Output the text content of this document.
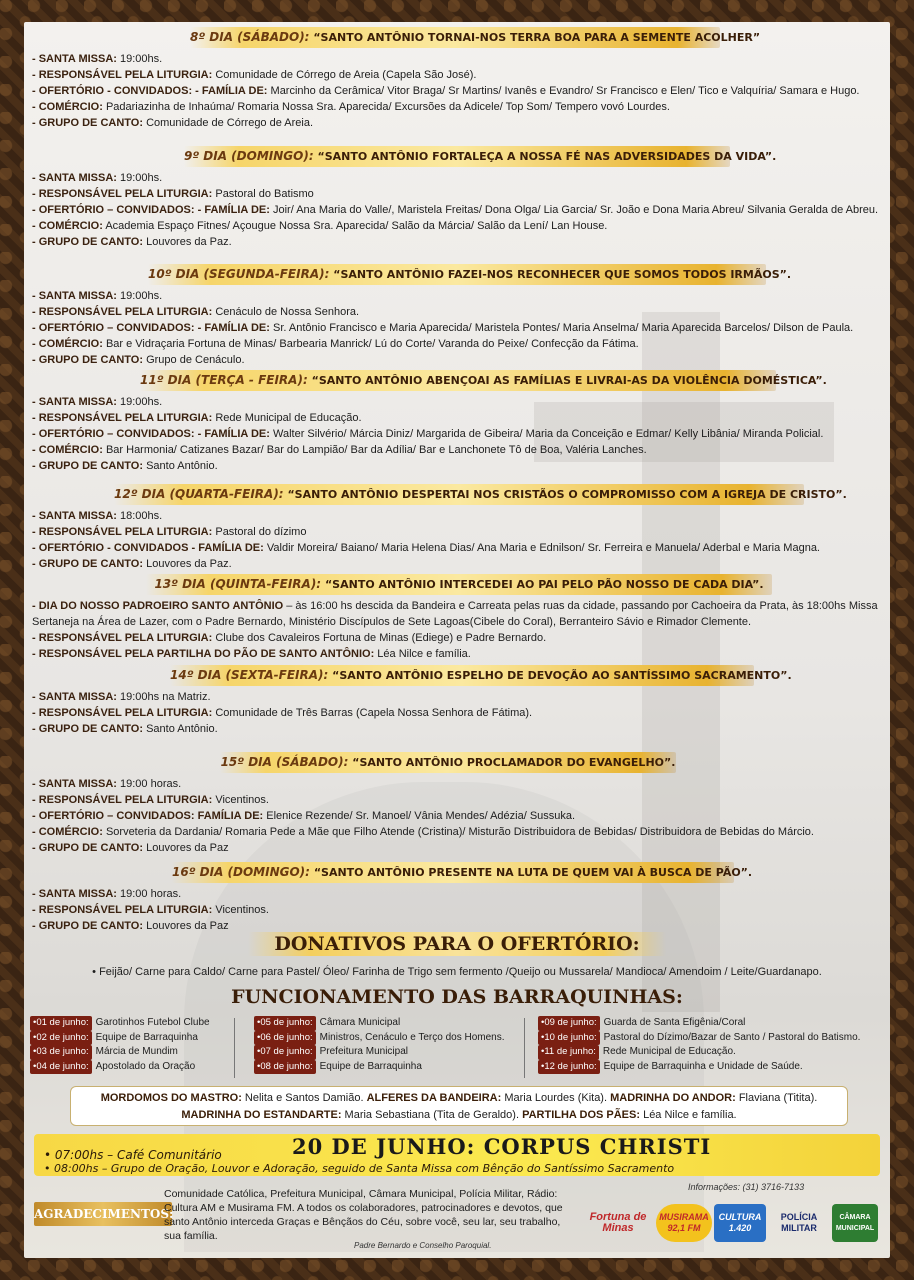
8º DIA (SÁBADO): “SANTO ANTÔNIO TORNAI-NOS TERRA BOA PARA A SEMENTE ACOLHER”
- SANTA MISSA: 19:00hs.
- RESPONSÁVEL PELA LITURGIA: Comunidade de Córrego de Areia (Capela São José).
- OFERTÓRIO - CONVIDADOS: - FAMÍLIA DE: Marcinho da Cerâmica/ Vitor Braga/ Sr Martins/ Ivanês e Evandro/ Sr Francisco e Elen/ Tico e Valquíria/ Samara e Hugo.
- COMÉRCIO: Padariazinha de Inhaúma/ Romaria Nossa Sra. Aparecida/ Excursões da Adicele/ Top Som/ Tempero vovó Lourdes.
- GRUPO DE CANTO: Comunidade de Córrego de Areia.
9º DIA (DOMINGO): “SANTO ANTÔNIO FORTALEÇA A NOSSA FÉ NAS ADVERSIDADES DA VIDA”.
- SANTA MISSA: 19:00hs.
- RESPONSÁVEL PELA LITURGIA: Pastoral do Batismo
- OFERTÓRIO – CONVIDADOS: - FAMÍLIA DE: Joir/ Ana Maria do Valle/, Maristela Freitas/ Dona Olga/ Lia Garcia/ Sr. João e Dona Maria Abreu/ Silvania Geralda de Abreu.
- COMÉRCIO: Academia Espaço Fitnes/ Açougue Nossa Sra. Aparecida/ Salão da Márcia/ Salão da Lení/ Lan House.
- GRUPO DE CANTO: Louvores da Paz.
10º DIA (SEGUNDA-FEIRA): “SANTO ANTÔNIO FAZEI-NOS RECONHECER QUE SOMOS TODOS IRMÃOS”.
- SANTA MISSA: 19:00hs.
- RESPONSÁVEL PELA LITURGIA: Cenáculo de Nossa Senhora.
- OFERTÓRIO – CONVIDADOS: - FAMÍLIA DE: Sr. Antônio Francisco e Maria Aparecida/ Maristela Pontes/ Maria Anselma/ Maria Aparecida Barcelos/ Dilson de Paula.
- COMÉRCIO: Bar e Vidraçaria Fortuna de Minas/ Barbearia Manrick/ Lú do Corte/ Varanda do Peixe/ Confecção da Fátima.
- GRUPO DE CANTO: Grupo de Cenáculo.
11º DIA (TERÇA - FEIRA): “SANTO ANTÔNIO ABENÇOAI AS FAMÍLIAS E LIVRAI-AS DA VIOLÊNCIA DOMÉSTICA”.
- SANTA MISSA: 19:00hs.
- RESPONSÁVEL PELA LITURGIA: Rede Municipal de Educação.
- OFERTÓRIO – CONVIDADOS: - FAMÍLIA DE: Walter Silvério/ Márcia Diniz/ Margarida de Gibeira/ Maria da Conceição e Edmar/ Kelly Libânia/ Miranda Policial.
- COMÉRCIO: Bar Harmonia/ Catizanes Bazar/ Bar do Lampião/ Bar da Adília/ Bar e Lanchonete Tô de Boa, Valéria Lanches.
- GRUPO DE CANTO: Santo Antônio.
12º DIA (QUARTA-FEIRA): “SANTO ANTÔNIO DESPERTAI NOS CRISTÃOS O COMPROMISSO COM A IGREJA DE CRISTO”.
- SANTA MISSA: 18:00hs.
- RESPONSÁVEL PELA LITURGIA: Pastoral do dízimo
- OFERTÓRIO - CONVIDADOS - FAMÍLIA DE: Valdir Moreira/ Baiano/ Maria Helena Dias/ Ana Maria e Ednilson/ Sr. Ferreira e Manuela/ Aderbal e Maria Magna.
- GRUPO DE CANTO: Louvores da Paz.
13º DIA (QUINTA-FEIRA): “SANTO ANTÔNIO INTERCEDEI AO PAI PELO PÃO NOSSO DE CADA DIA”.
- DIA DO NOSSO PADROEIRO SANTO ANTÔNIO – às 16:00 hs descida da Bandeira e Carreata pelas ruas da cidade, passando por Cachoeira da Prata, às 18:00hs Missa Sertaneja na Área de Lazer, com o Padre Bernardo, Ministério Discípulos de Sete Lagoas(Cibele do Coral), Berranteiro Sávio e Rimador Clemente.
- RESPONSÁVEL PELA LITURGIA: Clube dos Cavaleiros Fortuna de Minas (Ediege) e Padre Bernardo.
- RESPONSÁVEL PELA PARTILHA DO PÃO DE SANTO ANTÔNIO: Léa Nilce e família.
14º DIA (SEXTA-FEIRA): “SANTO ANTÔNIO ESPELHO DE DEVOÇÃO AO SANTÍSSIMO SACRAMENTO”.
- SANTA MISSA: 19:00hs na Matriz.
- RESPONSÁVEL PELA LITURGIA: Comunidade de Três Barras (Capela Nossa Senhora de Fátima).
- GRUPO DE CANTO: Santo Antônio.
15º DIA (SÁBADO): “SANTO ANTÔNIO PROCLAMADOR DO EVANGELHO”.
- SANTA MISSA: 19:00 horas.
- RESPONSÁVEL PELA LITURGIA: Vicentinos.
- OFERTÓRIO – CONVIDADOS: FAMÍLIA DE: Elenice Rezende/ Sr. Manoel/ Vânia Mendes/ Adézia/ Sussuka.
- COMÉRCIO: Sorveteria da Dardania/ Romaria Pede a Mãe que Filho Atende (Cristina)/ Misturão Distribuidora de Bebidas/ Distribuidora de Bebidas do Márcio.
- GRUPO DE CANTO: Louvores da Paz
16º DIA (DOMINGO): “SANTO ANTÔNIO PRESENTE NA LUTA DE QUEM VAI À BUSCA DE PÃO”.
- SANTA MISSA: 19:00 horas.
- RESPONSÁVEL PELA LITURGIA: Vicentinos.
- GRUPO DE CANTO: Louvores da Paz
DONATIVOS PARA O OFERTÓRIO:
• Feijão/ Carne para Caldo/ Carne para Pastel/ Óleo/ Farinha de Trigo sem fermento /Queijo ou Mussarela/ Mandioca/ Amendoim / Leite/Guardanapo.
FUNCIONAMENTO DAS BARRAQUINHAS:
•01 de junho: Garotinhos Futebol Clube
•02 de junho: Equipe de Barraquinha
•03 de junho: Márcia de Mundim
•04 de junho: Apostolado da Oração
•05 de junho: Câmara Municipal
•06 de junho: Ministros, Cenáculo e Terço dos Homens.
•07 de junho: Prefeitura Municipal
•08 de junho: Equipe de Barraquinha
•09 de junho: Guarda de Santa Efigênia/Coral
•10 de junho: Pastoral do Dízimo/Bazar de Santo / Pastoral do Batismo.
•11 de junho: Rede Municipal de Educação.
•12 de junho: Equipe de Barraquinha e Unidade de Saúde.
MORDOMOS DO MASTRO: Nelita e Santos Damião. ALFERES DA BANDEIRA: Maria Lourdes (Kita). MADRINHA DO ANDOR: Flaviana (Titita).
MADRINHA DO ESTANDARTE: Maria Sebastiana (Tita de Geraldo). PARTILHA DOS PÃES: Léa Nilce e família.
• 07:00hs – Café Comunitário	20 DE JUNHO: CORPUS CHRISTI
• 08:00hs – Grupo de Oração, Louvor e Adoração, seguido de Santa Missa com Bênção do Santíssimo Sacramento
Informações: (31) 3716-7133
AGRADECIMENTOS:
Comunidade Católica, Prefeitura Municipal, Câmara Municipal, Polícia Militar, Rádio: Cultura AM e Musirama FM. A todos os colaboradores, patrocinadores e devotos, que santo Antônio interceda Graças e Bênçãos do Céu, sobre você, seu lar, seu trabalho, sua família.
Padre Bernardo e Conselho Paroquial.
Fortuna de Minas
MUSIRAMA 92,1 FM
CULTURA 1.420
POLÍCIA MILITAR
CÂMARA MUNICIPAL
